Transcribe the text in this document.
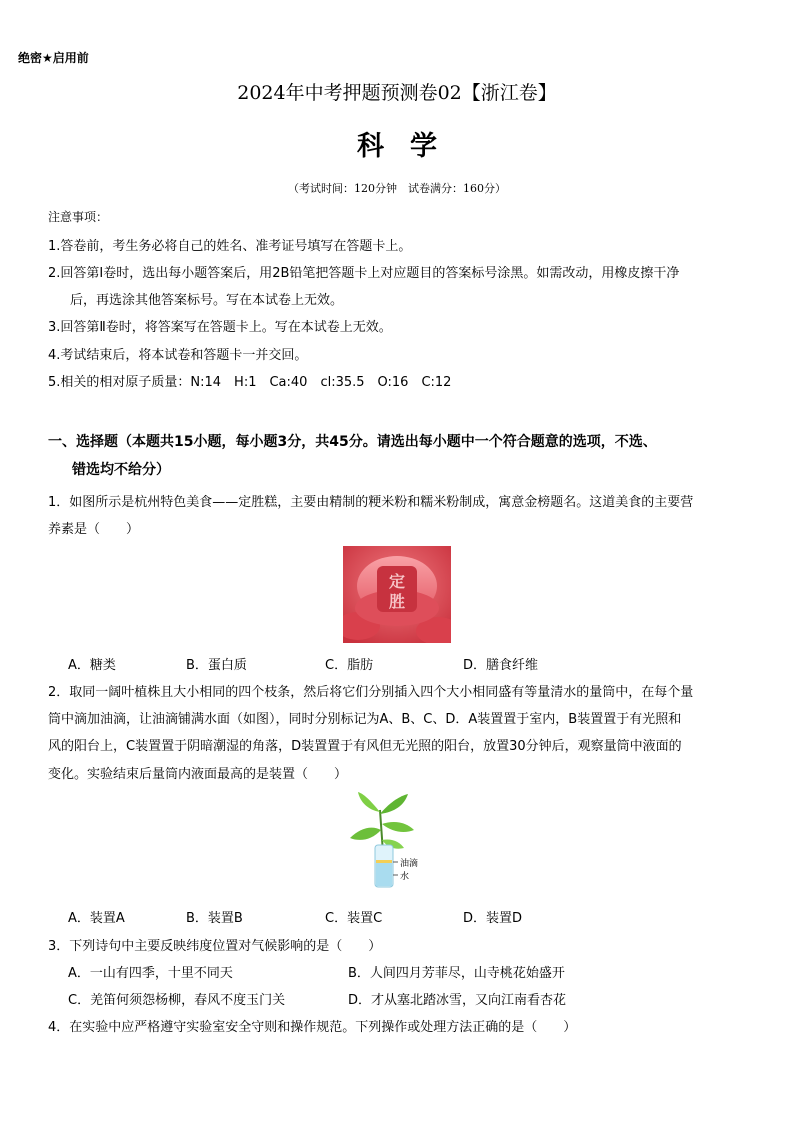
绝密★启用前
2024年中考押题预测卷02【浙江卷】
科学
（考试时间：120分钟　试卷满分：160分）
注意事项：
1.答卷前，考生务必将自己的姓名、准考证号填写在答题卡上。
2.回答第Ⅰ卷时，选出每小题答案后，用2B铅笔把答题卡上对应题目的答案标号涂黑。如需改动，用橡皮擦干净
后，再选涂其他答案标号。写在本试卷上无效。
3.回答第Ⅱ卷时，将答案写在答题卡上。写在本试卷上无效。
4.考试结束后，将本试卷和答题卡一并交回。
5.相关的相对原子质量：N:14　H:1　Ca:40　cl:35.5　O:16　C:12
一、选择题（本题共15小题，每小题3分，共45分。请选出每小题中一个符合题意的选项，不选、
错选均不给分）
1．如图所示是杭州特色美食——定胜糕，主要由精制的粳米粉和糯米粉制成，寓意金榜题名。这道美食的主要营
养素是（　　）
定
胜
A．糖类	B．蛋白质	C．脂肪	D．膳食纤维
2．取同一阔叶植株且大小相同的四个枝条，然后将它们分别插入四个大小相同盛有等量清水的量筒中，在每个量
筒中滴加油滴，让油滴铺满水面（如图），同时分别标记为A、B、C、D．A装置置于室内，B装置置于有光照和
风的阳台上，C装置置于阴暗潮湿的角落，D装置置于有风但无光照的阳台，放置30分钟后，观察量筒中液面的
变化。实验结束后量筒内液面最高的是装置（　　）
油滴
水
A．装置A	B．装置B	C．装置C	D．装置D
3．下列诗句中主要反映纬度位置对气候影响的是（　　）
A．一山有四季，十里不同天	B．人间四月芳菲尽，山寺桃花始盛开
C．羌笛何须怨杨柳，春风不度玉门关	D．才从塞北踏冰雪，又向江南看杏花
4．在实验中应严格遵守实验室安全守则和操作规范。下列操作或处理方法正确的是（　　）
